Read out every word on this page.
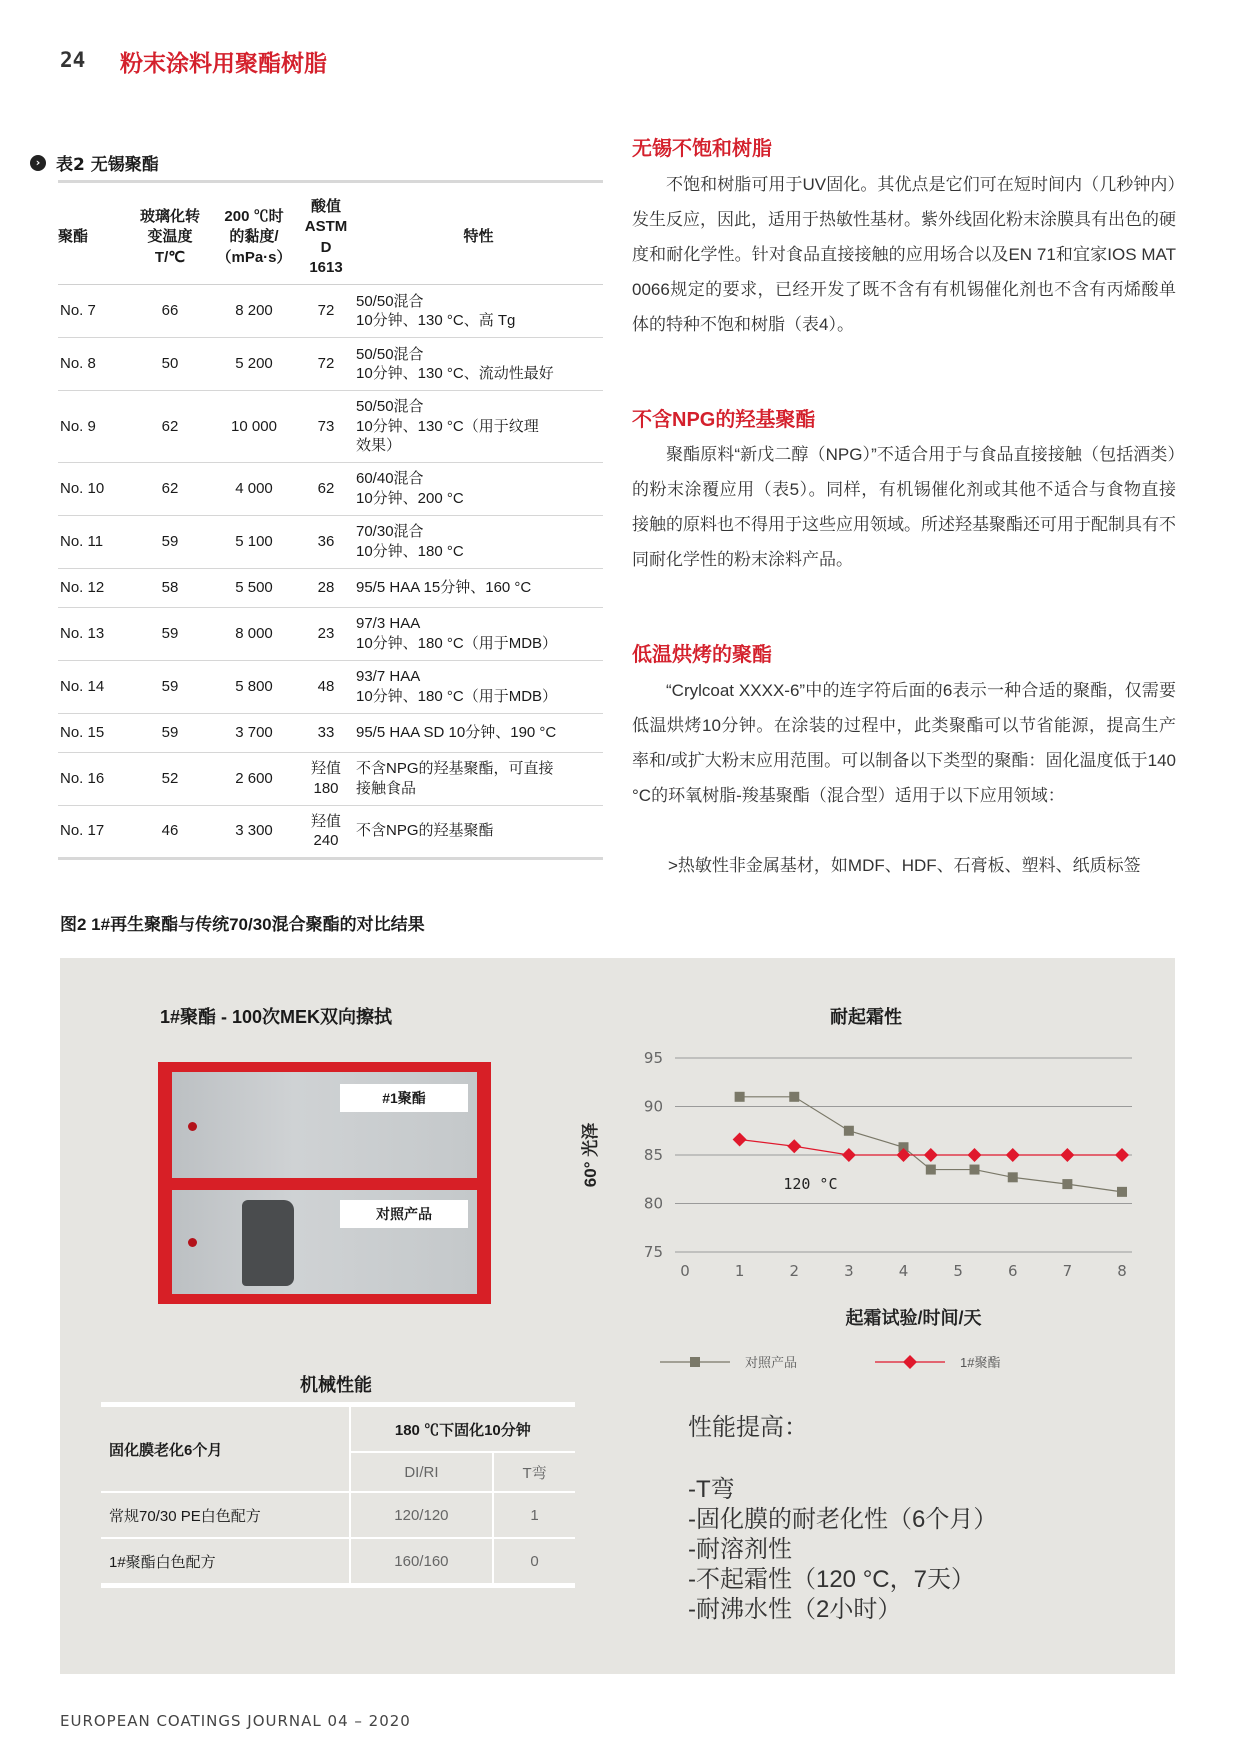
24 粉末涂料用聚酯树脂
› 表2 无锡聚酯
聚酯	玻璃化转
变温度
T/℃	200 ℃时
的黏度/
（mPa·s）	酸值
ASTM D
1613	特性
No. 7	66	8 200	72	50/50混合
10分钟、130 °C、高 Tg
No. 8	50	5 200	72	50/50混合
10分钟、130 °C、流动性最好
No. 9	62	10 000	73	50/50混合
10分钟、130 °C（用于纹理
效果）
No. 10	62	4 000	62	60/40混合
10分钟、200 °C
No. 11	59	5 100	36	70/30混合
10分钟、180 °C
No. 12	58	5 500	28	95/5 HAA 15分钟、160 °C
No. 13	59	8 000	23	97/3 HAA
10分钟、180 °C（用于MDB）
No. 14	59	5 800	48	93/7 HAA
10分钟、180 °C（用于MDB）
No. 15	59	3 700	33	95/5 HAA SD 10分钟、190 °C
No. 16	52	2 600	羟值 180	不含NPG的羟基聚酯，可直接
接触食品
No. 17	46	3 300	羟值 240	不含NPG的羟基聚酯
无锡不饱和树脂
不饱和树脂可用于UV固化。其优点是它们可在短时间内（几秒钟内）发生反应，因此，适用于热敏性基材。紫外线固化粉末涂膜具有出色的硬度和耐化学性。针对食品直接接触的应用场合以及EN 71和宜家IOS MAT 0066规定的要求，已经开发了既不含有有机锡催化剂也不含有丙烯酸单体的特种不饱和树脂（表4）。
不含NPG的羟基聚酯
聚酯原料“新戊二醇（NPG）”不适合用于与食品直接接触（包括酒类）的粉末涂覆应用（表5）。同样，有机锡催化剂或其他不适合与食物直接接触的原料也不得用于这些应用领域。所述羟基聚酯还可用于配制具有不同耐化学性的粉末涂料产品。
低温烘烤的聚酯
“Crylcoat XXXX-6”中的连字符后面的6表示一种合适的聚酯，仅需要低温烘烤10分钟。在涂装的过程中，此类聚酯可以节省能源，提高生产率和/或扩大粉末应用范围。可以制备以下类型的聚酯：固化温度低于140 °C的环氧树脂-羧基聚酯（混合型）适用于以下应用领域：
>热敏性非金属基材，如MDF、HDF、石膏板、塑料、纸质标签
图2 1#再生聚酯与传统70/30混合聚酯的对比结果
1#聚酯 - 100次MEK双向擦拭
#1聚酯
对照产品
机械性能
固化膜老化6个月	180 ℃下固化10分钟	
	DI/RI	T弯
常规70/30 PE白色配方	120/120	1
1#聚酯白色配方	160/160	0
耐起霜性
75
80
85
90
95
0	1	2	3	4	5	6	7	8
60° 光泽
起霜试验/时间/天
120 °C
对照产品	1#聚酯
性能提高：
-T弯
-固化膜的耐老化性（6个月）
-耐溶剂性
-不起霜性（120 °C，7天）
-耐沸水性（2小时）
EUROPEAN COATINGS JOURNAL 04 – 2020
